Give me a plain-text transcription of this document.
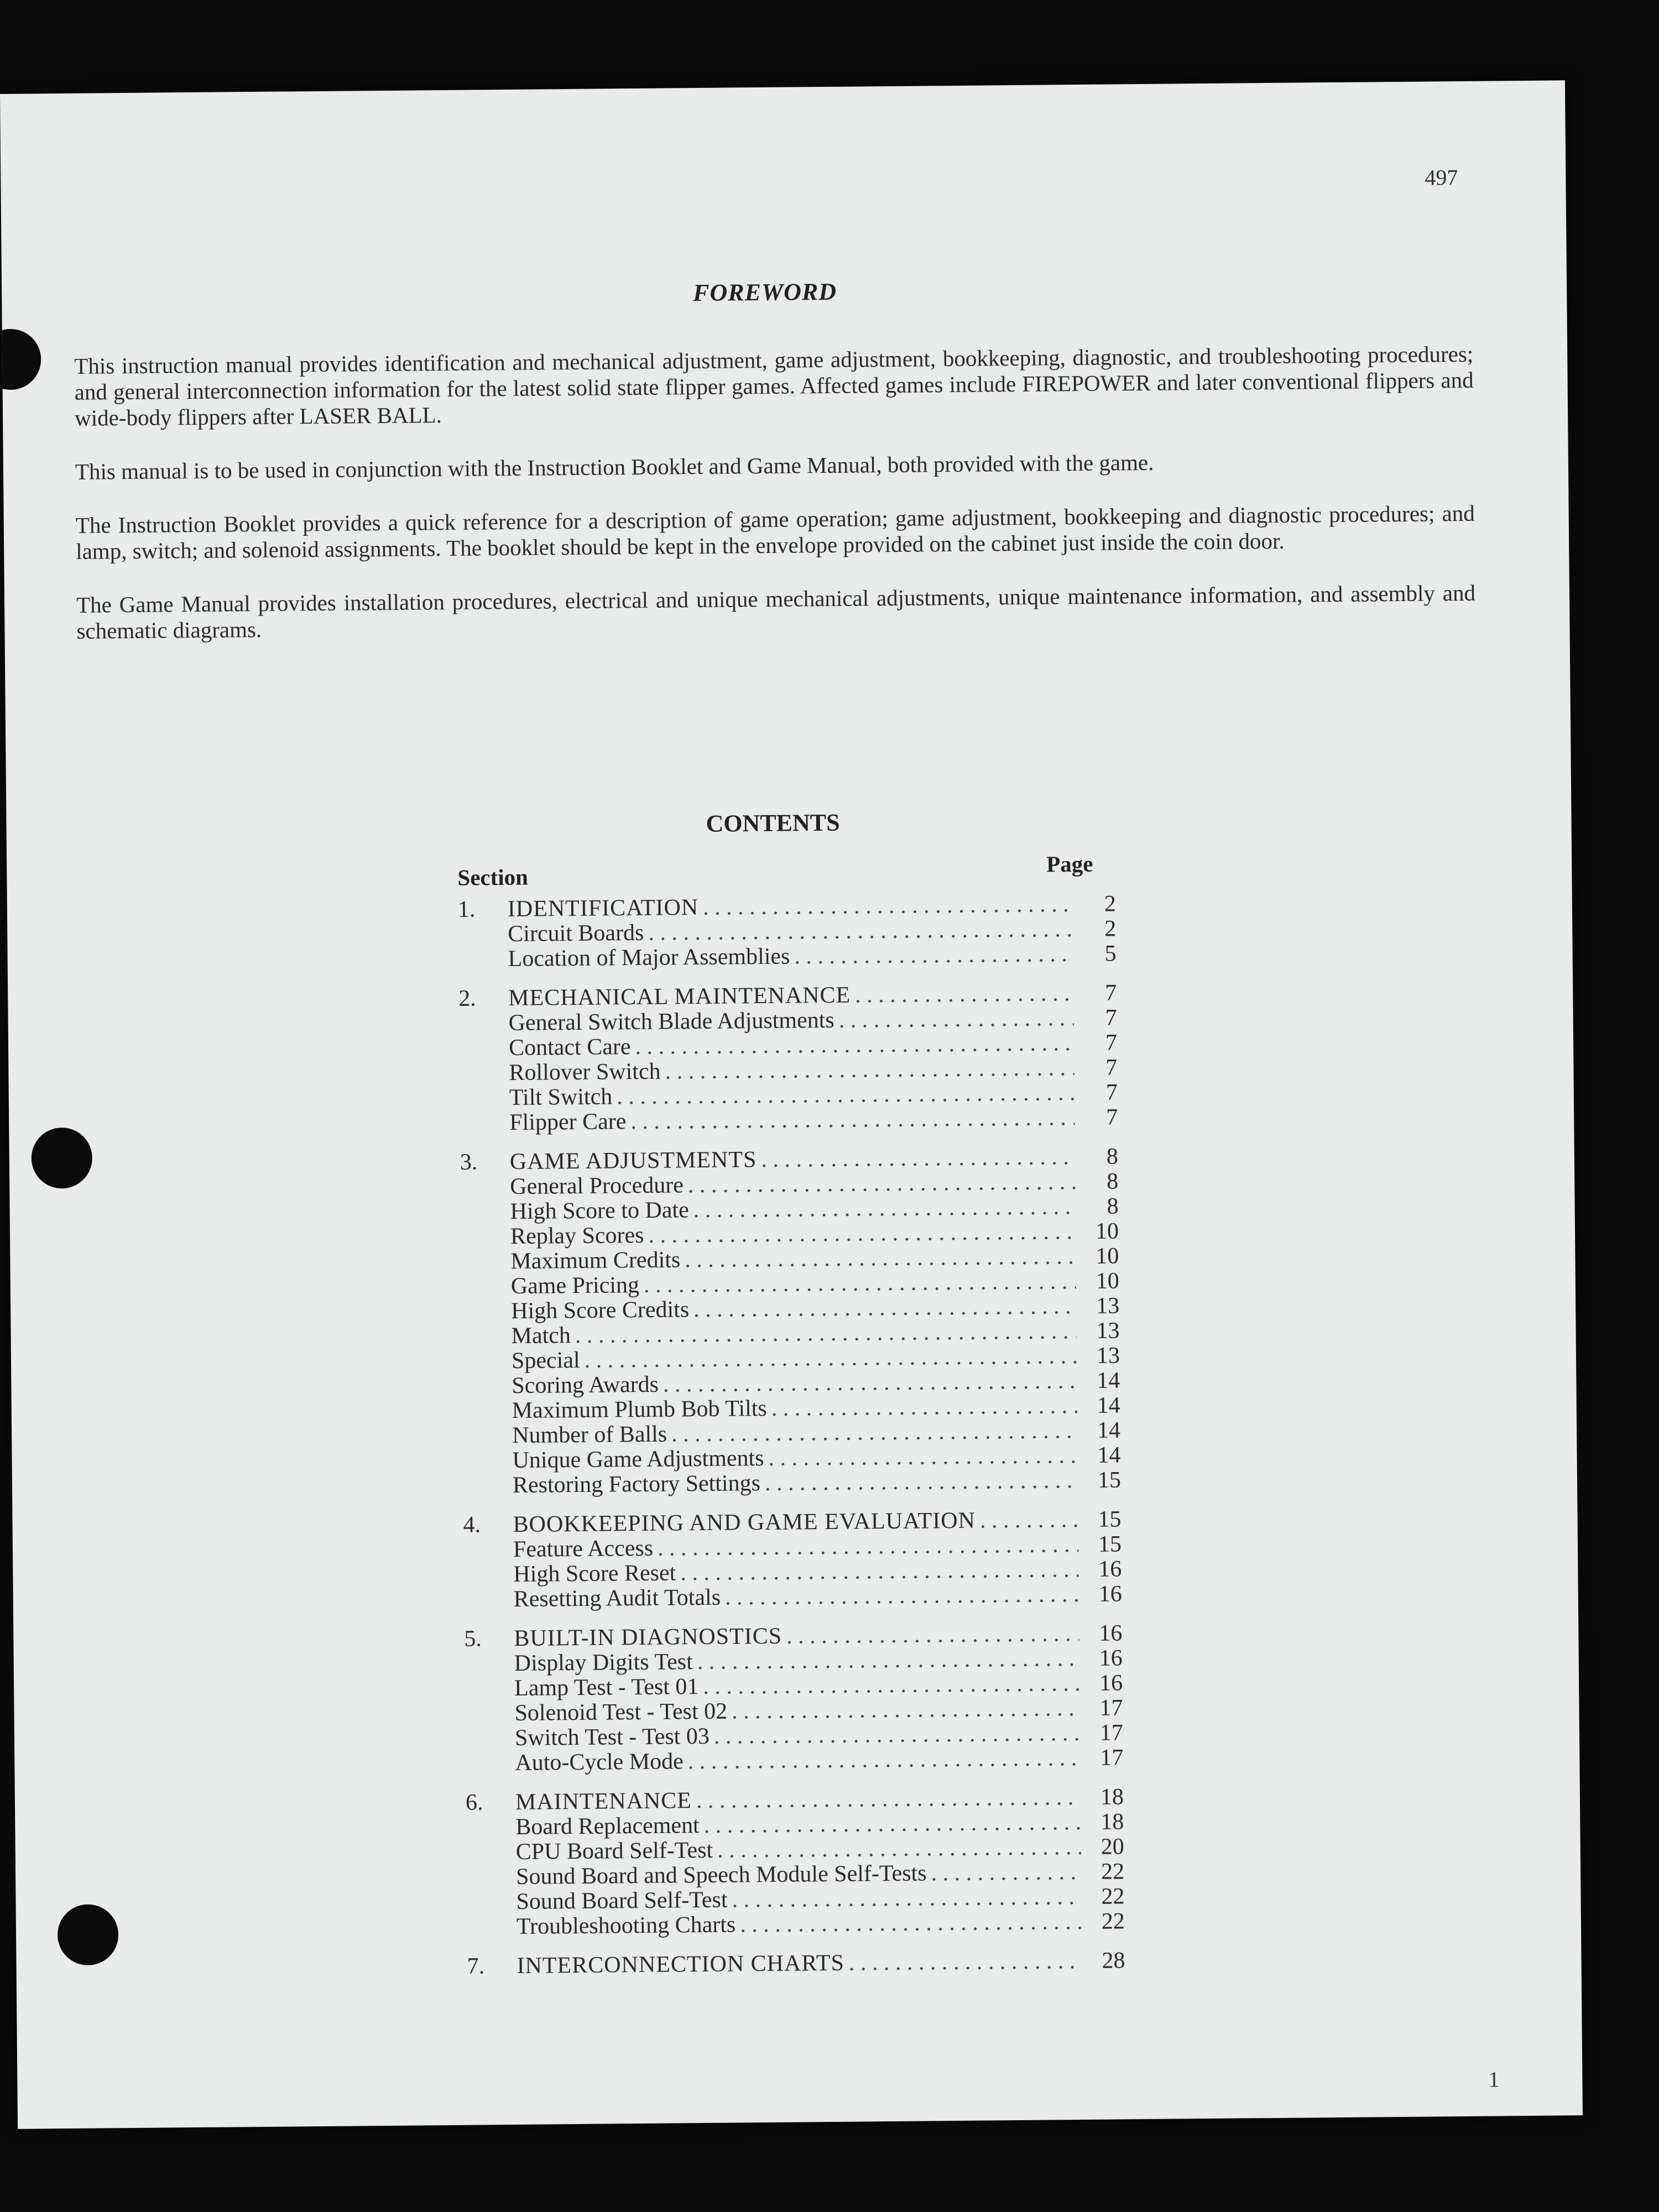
497
FOREWORD

This instruction manual provides identification and mechanical adjustment, game adjustment, bookkeeping, diagnostic, and troubleshooting procedures; and general interconnection information for the latest solid state flipper games. Affected games include FIREPOWER and later conventional flippers and wide-body flippers after LASER BALL.

This manual is to be used in conjunction with the Instruction Booklet and Game Manual, both provided with the game.

The Instruction Booklet provides a quick reference for a description of game operation; game adjustment, bookkeeping and diagnostic procedures; and lamp, switch; and solenoid assignments. The booklet should be kept in the envelope provided on the cabinet just inside the coin door.

The Game Manual provides installation procedures, electrical and unique mechanical adjustments, unique maintenance information, and assembly and schematic diagrams.

CONTENTS
Section
Page
1.	IDENTIFICATION . . .	2
Circuit Boards . . .	2
Location of Major Assemblies . . .	5
2.	MECHANICAL MAINTENANCE . . .	7
General Switch Blade Adjustments . . .	7
Contact Care . . .	7
Rollover Switch . . .	7
Tilt Switch . . .	7
Flipper Care . . .	7
3.	GAME ADJUSTMENTS . . .	8
General Procedure . . .	8
High Score to Date . . .	8
Replay Scores . . .	10
Maximum Credits . . .	10
Game Pricing . . .	10
High Score Credits . . .	13
Match . . .	13
Special . . .	13
Scoring Awards . . .	14
Maximum Plumb Bob Tilts . . .	14
Number of Balls . . .	14
Unique Game Adjustments . . .	14
Restoring Factory Settings . . .	15
4.	BOOKKEEPING AND GAME EVALUATION . . .	15
Feature Access . . .	15
High Score Reset . . .	16
Resetting Audit Totals . . .	16
5.	BUILT-IN DIAGNOSTICS . . .	16
Display Digits Test . . .	16
Lamp Test - Test 01 . . .	16
Solenoid Test - Test 02 . . .	17
Switch Test - Test 03 . . .	17
Auto-Cycle Mode . . .	17
6.	MAINTENANCE . . .	18
Board Replacement . . .	18
CPU Board Self-Test . . .	20
Sound Board and Speech Module Self-Tests . . .	22
Sound Board Self-Test . . .	22
Troubleshooting Charts . . .	22
7.	INTERCONNECTION CHARTS . . .	28
1
